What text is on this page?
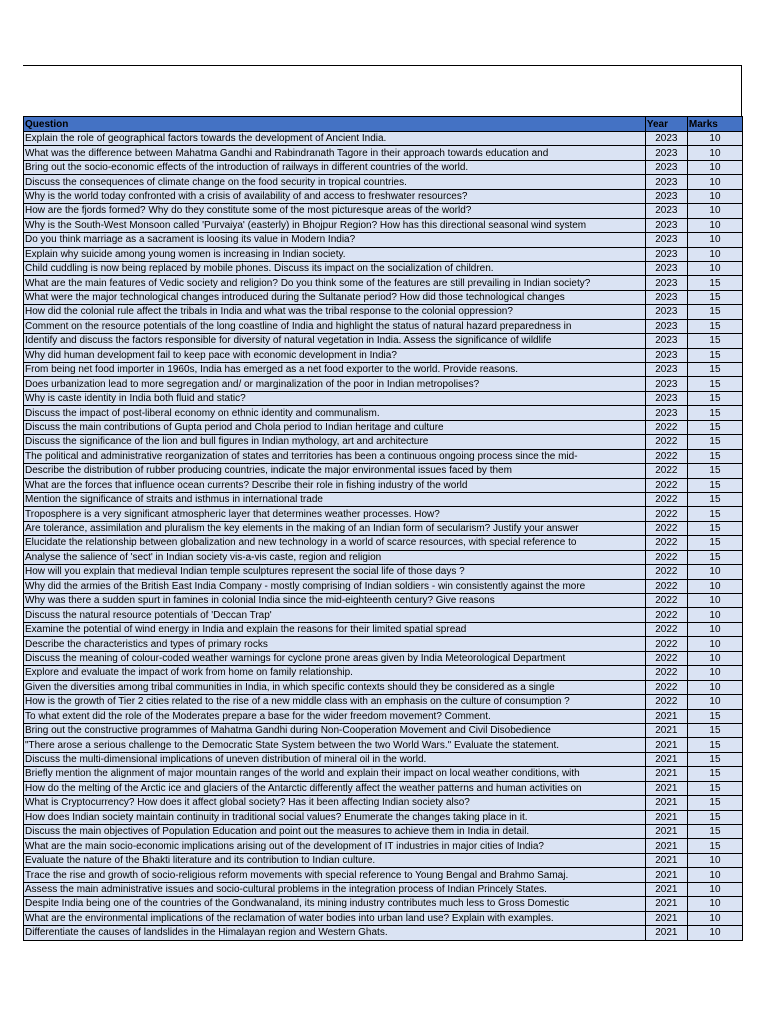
Question	Year	Marks
Explain the role of geographical factors towards the development of Ancient India.	2023	10
What was the difference between Mahatma Gandhi and Rabindranath Tagore in their approach towards education and	2023	10
Bring out the socio-economic effects of the introduction of railways in different countries of the world.	2023	10
Discuss the consequences of climate change on the food security in tropical countries.	2023	10
Why is the world today confronted with a crisis of availability of and access to freshwater resources?	2023	10
How are the fjords formed? Why do they constitute some of the most picturesque areas of the world?	2023	10
Why is the South-West Monsoon called 'Purvaiya' (easterly) in Bhojpur Region? How has this directional seasonal wind system	2023	10
Do you think marriage as a sacrament is loosing its value in Modern India?	2023	10
Explain why suicide among young women is increasing in Indian society.	2023	10
Child cuddling is now being replaced by mobile phones. Discuss its impact on the socialization of children.	2023	10
What are the main features of Vedic society and religion? Do you think some of the features are still prevailing in Indian society?	2023	15
What were the major technological changes introduced during the Sultanate period? How did those technological changes	2023	15
How did the colonial rule affect the tribals in India and what was the tribal response to the colonial oppression?	2023	15
Comment on the resource potentials of the long coastline of India and highlight the status of natural hazard preparedness in	2023	15
Identify and discuss the factors responsible for diversity of natural vegetation in India. Assess the significance of wildlife	2023	15
Why did human development fail to keep pace with economic development in India?	2023	15
From being net food importer in 1960s, India has emerged as a net food exporter to the world. Provide reasons.	2023	15
Does urbanization lead to more segregation and/ or marginalization of the poor in Indian metropolises?	2023	15
Why is caste identity in India both fluid and static?	2023	15
Discuss the impact of post-liberal economy on ethnic identity and communalism.	2023	15
Discuss the main contributions of Gupta period and Chola period to Indian heritage and culture	2022	15
Discuss the significance of the lion and bull figures in Indian mythology, art and architecture	2022	15
The political and administrative reorganization of states and territories has been a continuous ongoing process since the mid-	2022	15
Describe the distribution of rubber producing countries, indicate the major environmental issues faced by them	2022	15
What are the forces that influence ocean currents? Describe their role in fishing industry of the world	2022	15
Mention the significance of straits and isthmus in international trade	2022	15
Troposphere is a very significant atmospheric layer that determines weather processes. How?	2022	15
Are tolerance, assimilation and pluralism the key elements in the making of an Indian form of secularism? Justify your answer	2022	15
Elucidate the relationship between globalization and new technology in a world of scarce resources, with special reference to	2022	15
Analyse the salience of 'sect' in Indian society vis-a-vis caste, region and religion	2022	15
How will you explain that medieval Indian temple sculptures represent the social life of those days ?	2022	10
Why did the armies of the British East India Company - mostly comprising of Indian soldiers - win consistently against the more	2022	10
Why was there a sudden spurt in famines in colonial India since the mid-eighteenth century? Give reasons	2022	10
Discuss the natural resource potentials of 'Deccan Trap'	2022	10
Examine the potential of wind energy in India and explain the reasons for their limited spatial spread	2022	10
Describe the characteristics and types of primary rocks	2022	10
Discuss the meaning of colour-coded weather warnings for cyclone prone areas given by India Meteorological Department	2022	10
Explore and evaluate the impact of work from home on family relationship.	2022	10
Given the diversities among tribal communities in India, in which specific contexts should they be considered as a single	2022	10
How is the growth of Tier 2 cities related to the rise of a new middle class with an emphasis on the culture of consumption ?	2022	10
To what extent did the role of the Moderates prepare a base for the wider freedom movement? Comment.	2021	15
Bring out the constructive programmes of Mahatma Gandhi during Non-Cooperation Movement and Civil Disobedience	2021	15
"There arose a serious challenge to the Democratic State System between the two World Wars." Evaluate the statement.	2021	15
Discuss the multi-dimensional implications of uneven distribution of mineral oil in the world.	2021	15
Briefly mention the alignment of major mountain ranges of the world and explain their impact on local weather conditions, with	2021	15
How do the melting of the Arctic ice and glaciers of the Antarctic differently affect the weather patterns and human activities on	2021	15
What is Cryptocurrency? How does it affect global society? Has it been affecting Indian society also?	2021	15
How does Indian society maintain continuity in traditional social values? Enumerate the changes taking place in it.	2021	15
Discuss the main objectives of Population Education and point out the measures to achieve them in India in detail.	2021	15
What are the main socio-economic implications arising out of the development of IT industries in major cities of India?	2021	15
Evaluate the nature of the Bhakti literature and its contribution to Indian culture.	2021	10
Trace the rise and growth of socio-religious reform movements with special reference to Young Bengal and Brahmo Samaj.	2021	10
Assess the main administrative issues and socio-cultural problems in the integration process of Indian Princely States.	2021	10
Despite India being one of the countries of the Gondwanaland, its mining industry contributes much less to Gross Domestic	2021	10
What are the environmental implications of the reclamation of water bodies into urban land use? Explain with examples.	2021	10
Differentiate the causes of landslides in the Himalayan region and Western Ghats.	2021	10
